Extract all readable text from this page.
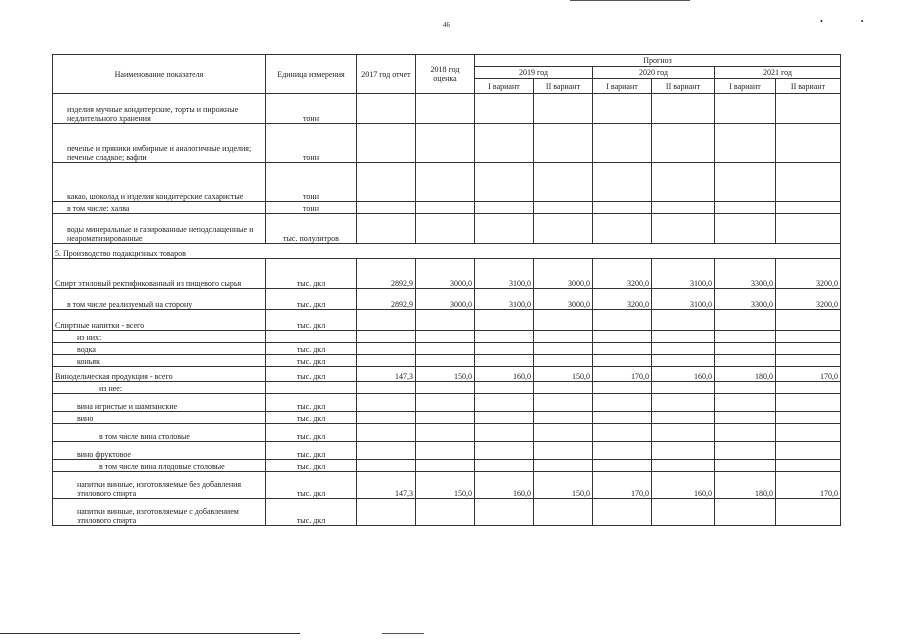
46	• •
Наименование показателя	Единица измерения	2017 год отчет	2018 год оценка	Прогноз					
				2019 год		2020 год		2021 год	
				I вариант	II вариант	I вариант	II вариант	I вариант	II вариант
изделия мучные кондитерские, торты и пирожные недлительного хранения	тонн								
печенье и пряники имбирные и аналогичные изделия; печенье сладкое; вафли	тонн								
какао, шоколад и изделия кондитерские сахаристые	тонн								
в том числе: халва	тонн								
воды минеральные и газированные неподслащенные и неароматизированные	тыс. полулитров								
5. Производство подакцизных товаров									
Спирт этиловый ректификованный из пищевого сырья	тыс. дкл	2892,9	3000,0	3100,0	3000,0	3200,0	3100,0	3300,0	3200,0
в том числе реализуемый на сторону	тыс. дкл	2892,9	3000,0	3100,0	3000,0	3200,0	3100,0	3300,0	3200,0
Спиртные напитки - всего	тыс. дкл								
из них:									
водка	тыс. дкл								
коньяк	тыс. дкл								
Винодельческая продукция - всего	тыс. дкл	147,3	150,0	160,0	150,0	170,0	160,0	180,0	170,0
из нее:									
вина игристые и шампанские	тыс. дкл								
вино	тыс. дкл								
в том числе вина столовые	тыс. дкл								
вино фруктовое	тыс. дкл								
в том числе вина плодовые столовые	тыс. дкл								
напитки винные, изготовляемые без добавления этилового спирта	тыс. дкл	147,3	150,0	160,0	150,0	170,0	160,0	180,0	170,0
напитки винные, изготовляемые с добавлением этилового спирта	тыс. дкл								
